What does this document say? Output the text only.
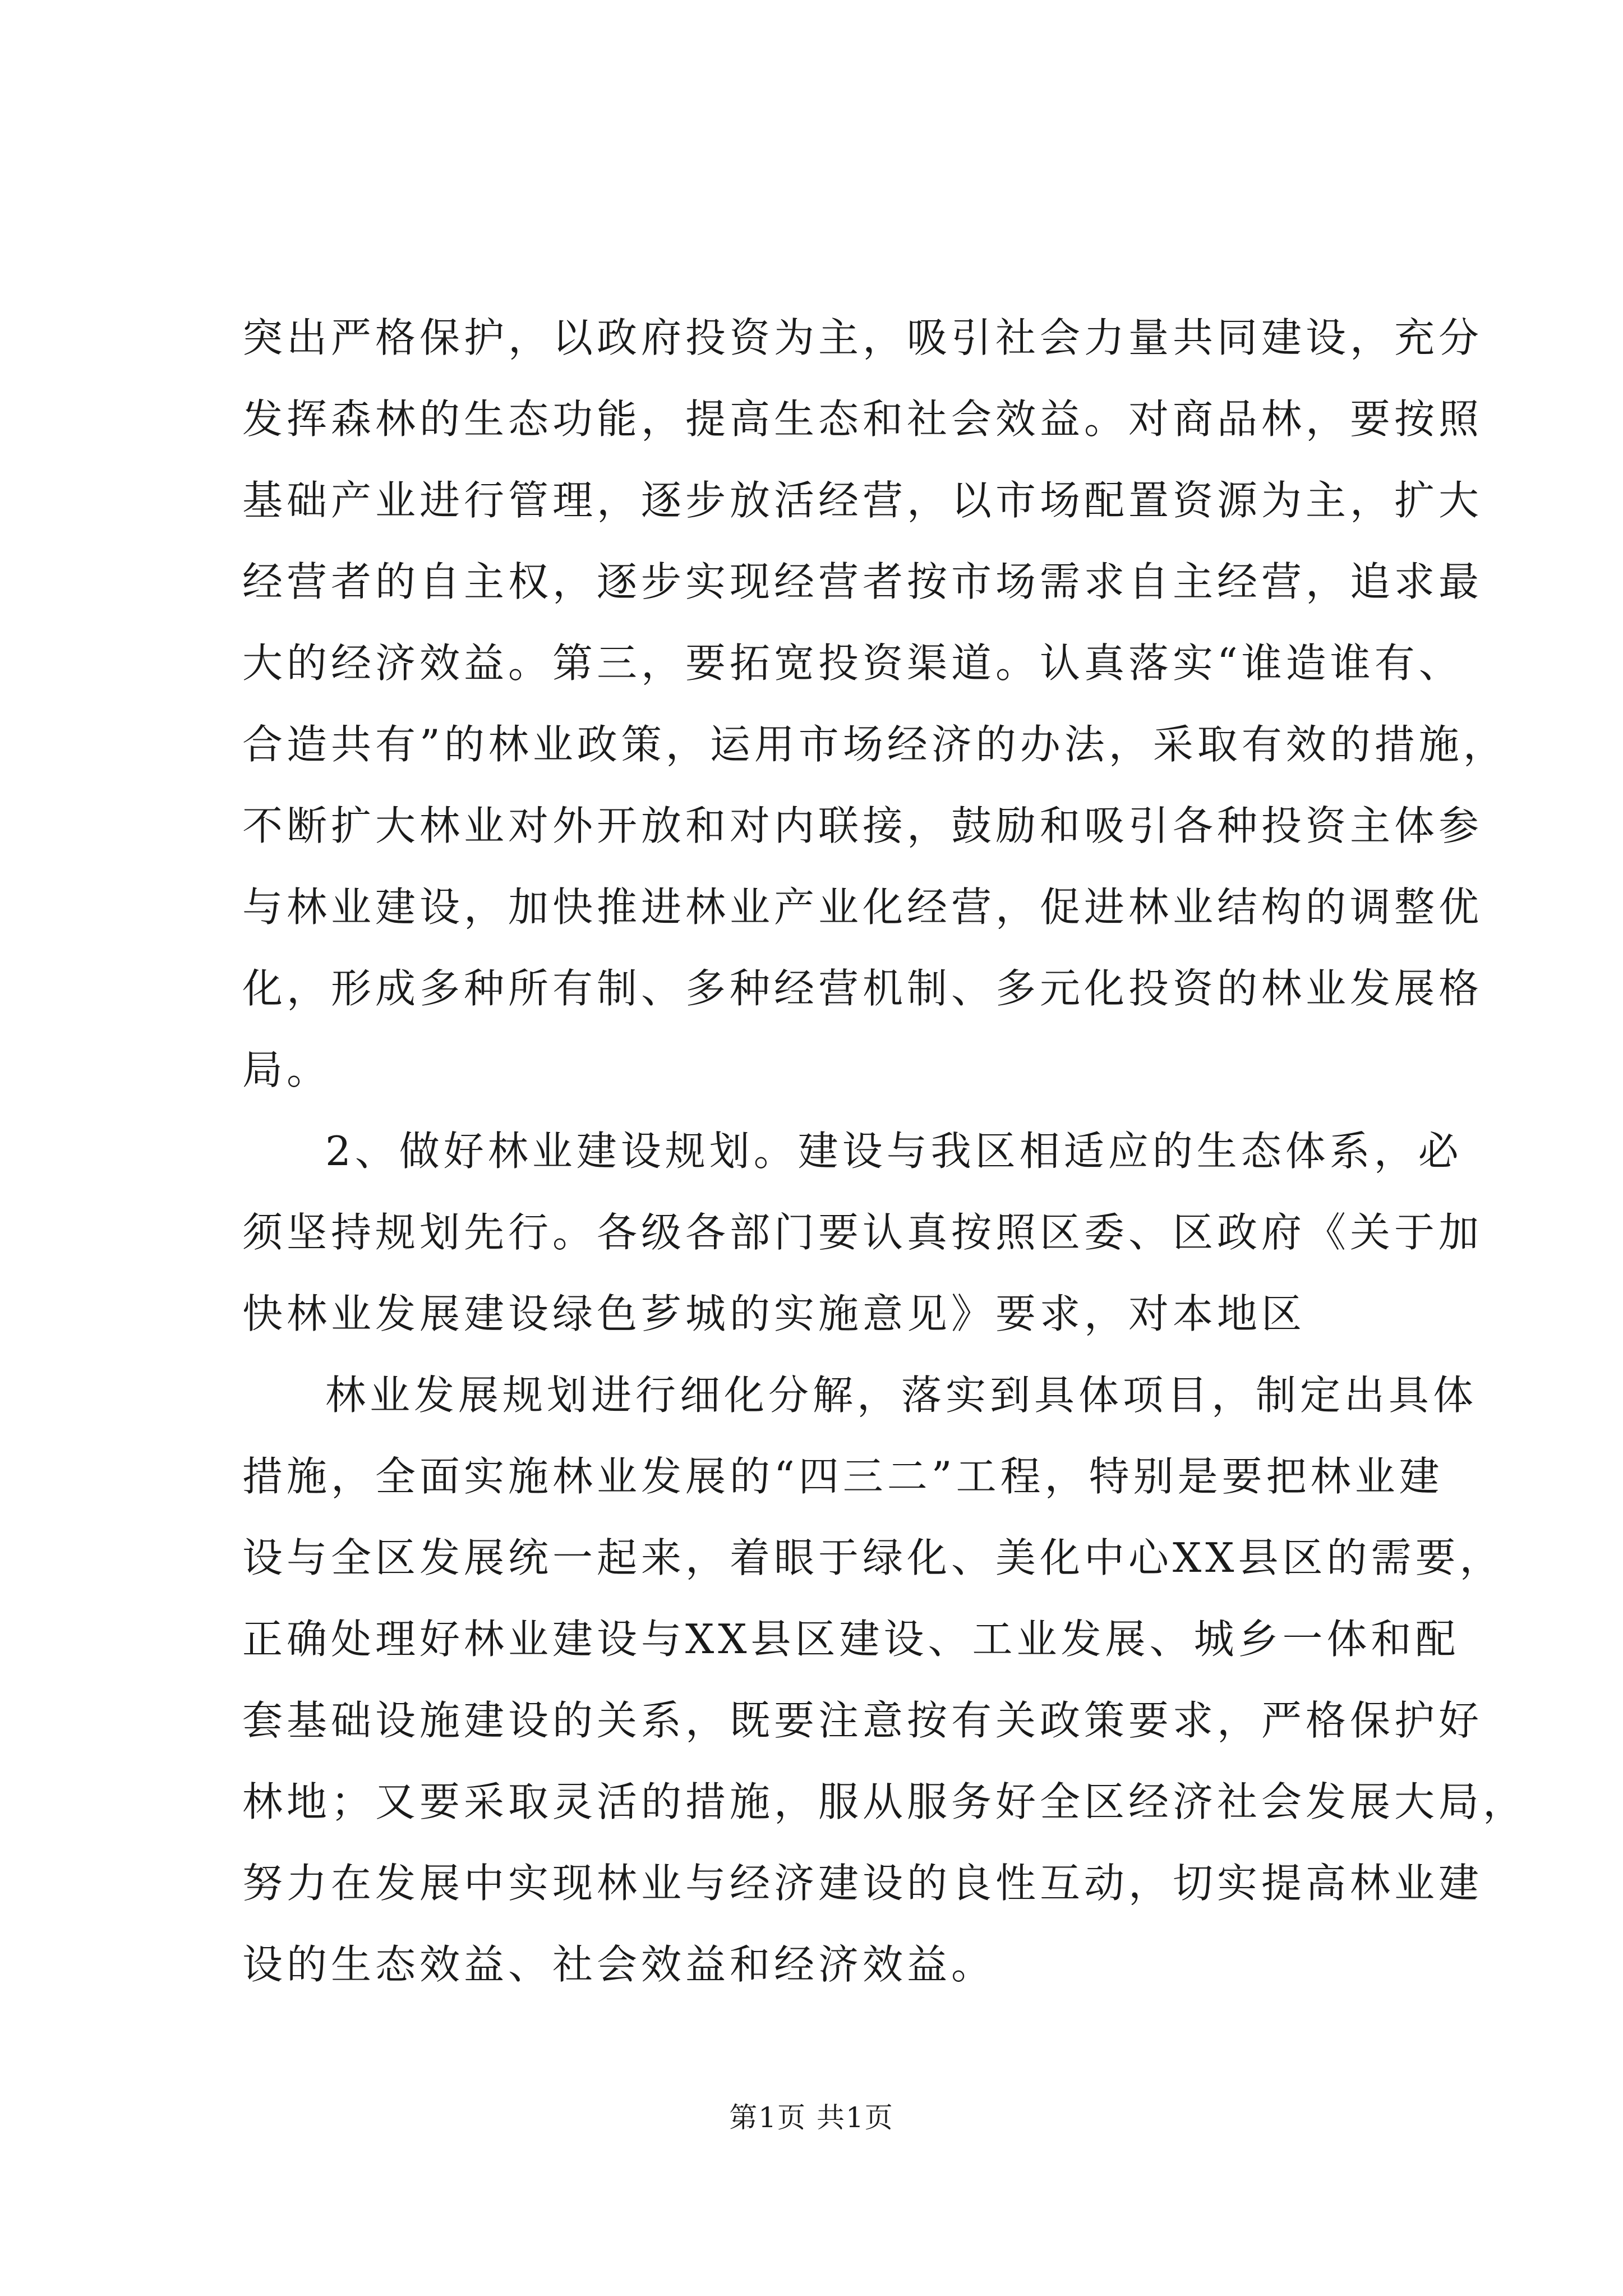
突出严格保护，以政府投资为主，吸引社会力量共同建设，充分
发挥森林的生态功能，提高生态和社会效益。对商品林，要按照
基础产业进行管理，逐步放活经营，以市场配置资源为主，扩大
经营者的自主权，逐步实现经营者按市场需求自主经营，追求最
大的经济效益。第三，要拓宽投资渠道。认真落实“谁造谁有、
合造共有”的林业政策，运用市场经济的办法，采取有效的措施，
不断扩大林业对外开放和对内联接，鼓励和吸引各种投资主体参
与林业建设，加快推进林业产业化经营，促进林业结构的调整优
化，形成多种所有制、多种经营机制、多元化投资的林业发展格
局。
2、做好林业建设规划。建设与我区相适应的生态体系，必
须坚持规划先行。各级各部门要认真按照区委、区政府《关于加
快林业发展建设绿色芗城的实施意见》要求，对本地区
林业发展规划进行细化分解，落实到具体项目，制定出具体
措施，全面实施林业发展的“四三二”工程，特别是要把林业建
设与全区发展统一起来，着眼于绿化、美化中心XX县区的需要，
正确处理好林业建设与XX县区建设、工业发展、城乡一体和配
套基础设施建设的关系，既要注意按有关政策要求，严格保护好
林地；又要采取灵活的措施，服从服务好全区经济社会发展大局，
努力在发展中实现林业与经济建设的良性互动，切实提高林业建
设的生态效益、社会效益和经济效益。
第1页 共1页
